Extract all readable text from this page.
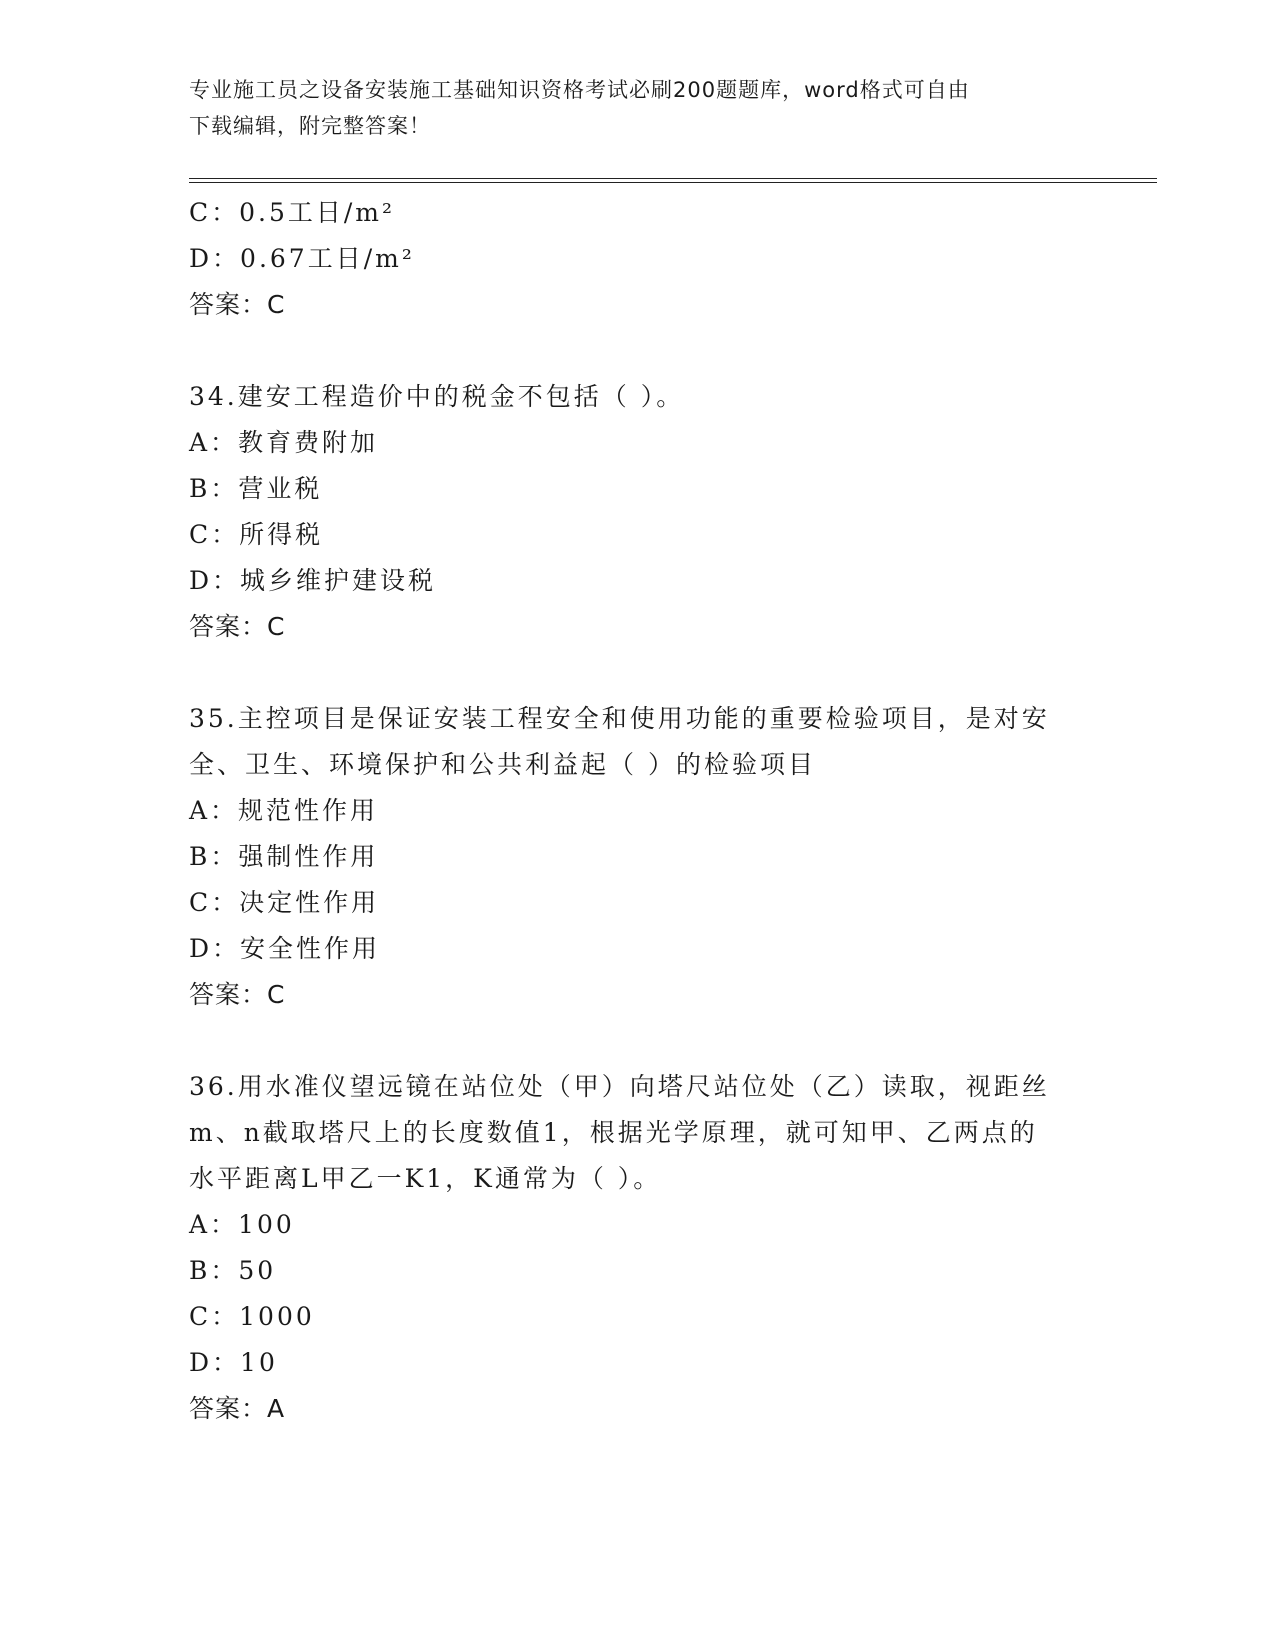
专业施工员之设备安装施工基础知识资格考试必刷200题题库，word格式可自由
下载编辑，附完整答案！
C：0.5工日/m²
D：0.67工日/m²
答案：C
34.建安工程造价中的税金不包括（ ）。
A：教育费附加
B：营业税
C：所得税
D：城乡维护建设税
答案：C
35.主控项目是保证安装工程安全和使用功能的重要检验项目，是对安
全、卫生、环境保护和公共利益起（ ）的检验项目
A：规范性作用
B：强制性作用
C：决定性作用
D：安全性作用
答案：C
36.用水准仪望远镜在站位处（甲）向塔尺站位处（乙）读取，视距丝
m、n截取塔尺上的长度数值1，根据光学原理，就可知甲、乙两点的
水平距离L甲乙一K1，K通常为（ ）。
A：100
B：50
C：1000
D：10
答案：A
